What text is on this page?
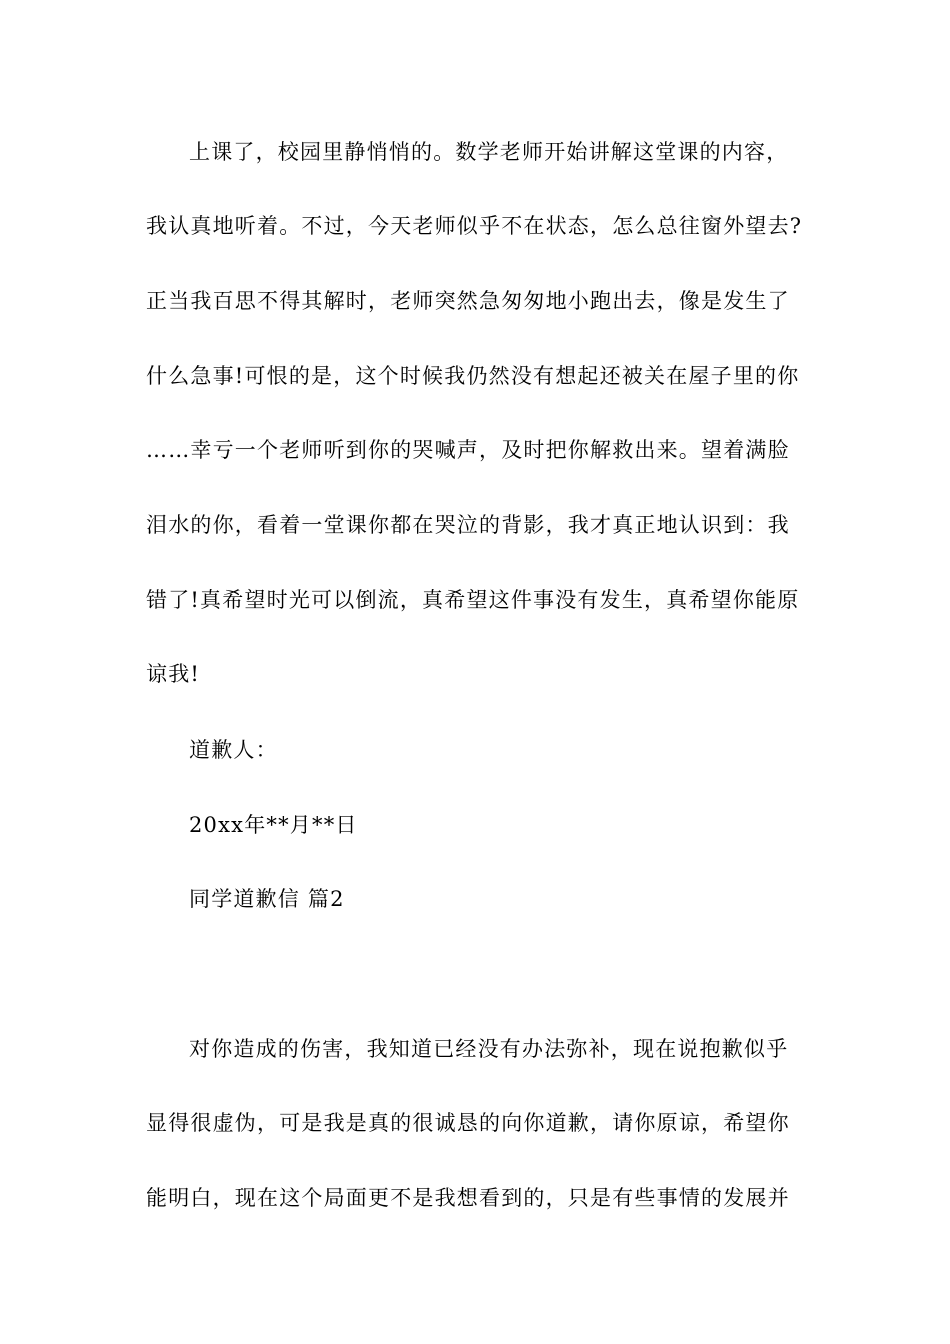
上课了，校园里静悄悄的。数学老师开始讲解这堂课的内容，
我认真地听着。不过，今天老师似乎不在状态，怎么总往窗外望去?
正当我百思不得其解时，老师突然急匆匆地小跑出去，像是发生了
什么急事!可恨的是，这个时候我仍然没有想起还被关在屋子里的你
……幸亏一个老师听到你的哭喊声，及时把你解救出来。望着满脸
泪水的你，看着一堂课你都在哭泣的背影，我才真正地认识到：我
错了!真希望时光可以倒流，真希望这件事没有发生，真希望你能原
谅我!
道歉人：
20xx年**月**日
同学道歉信 篇2
对你造成的伤害，我知道已经没有办法弥补，现在说抱歉似乎
显得很虚伪，可是我是真的很诚恳的向你道歉，请你原谅，希望你
能明白，现在这个局面更不是我想看到的，只是有些事情的发展并
